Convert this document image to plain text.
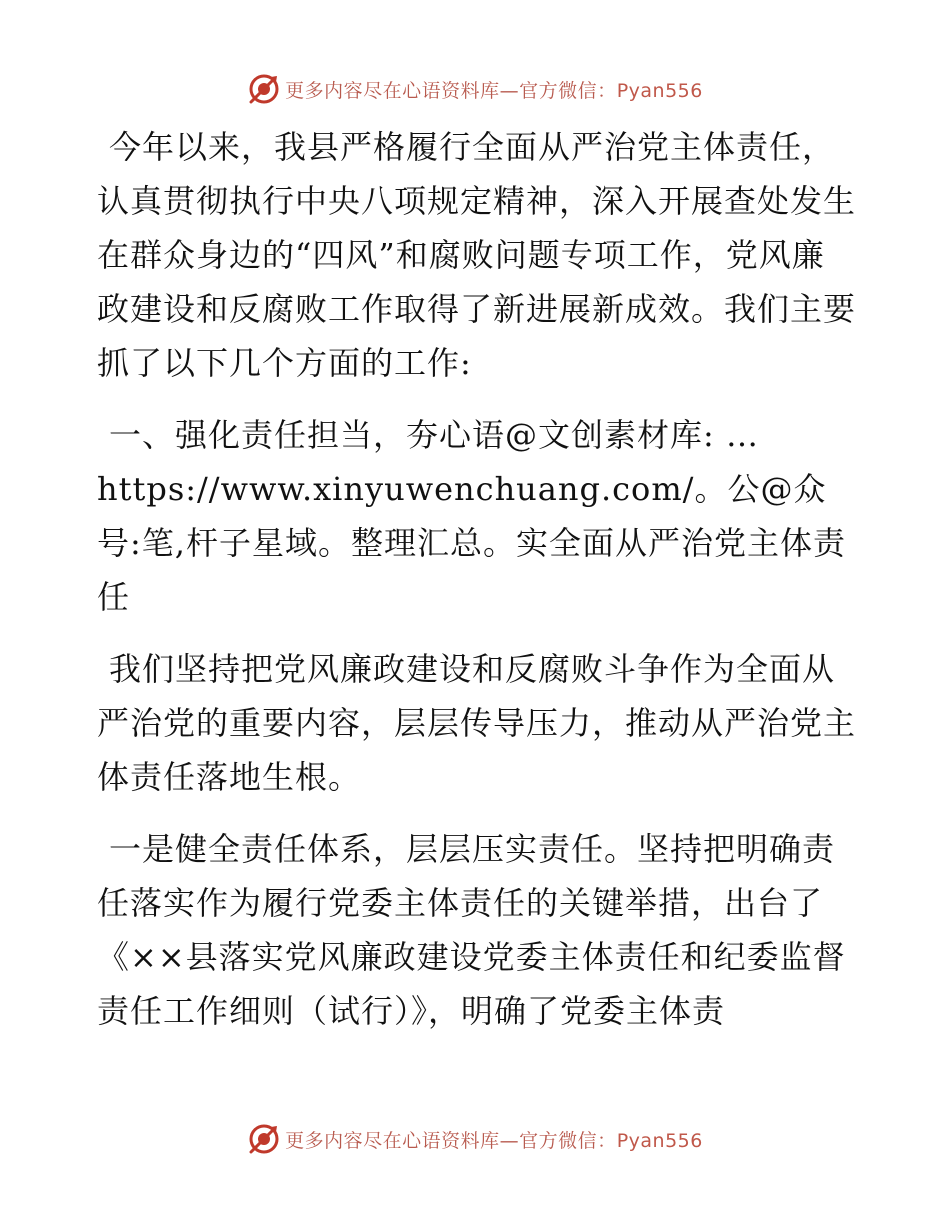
更多内容尽在心语资料库—官方微信：Pyan556

今年以来，我县严格履行全面从严治党主体责任，认真贯彻执行中央八项规定精神，深入开展查处发生在群众身边的“四风”和腐败问题专项工作，党风廉政建设和反腐败工作取得了新进展新成效。我们主要抓了以下几个方面的工作:

一、强化责任担当，夯心语@文创素材库: …
https://www.xinyuwenchuang.com/。公@众号:笔,杆子星域。整理汇总。实全面从严治党主体责任

我们坚持把党风廉政建设和反腐败斗争作为全面从严治党的重要内容，层层传导压力，推动从严治党主体责任落地生根。

一是健全责任体系，层层压实责任。坚持把明确责任落实作为履行党委主体责任的关键举措，出台了《××县落实党风廉政建设党委主体责任和纪委监督责任工作细则（试行）》，明确了党委主体责

更多内容尽在心语资料库—官方微信：Pyan556
